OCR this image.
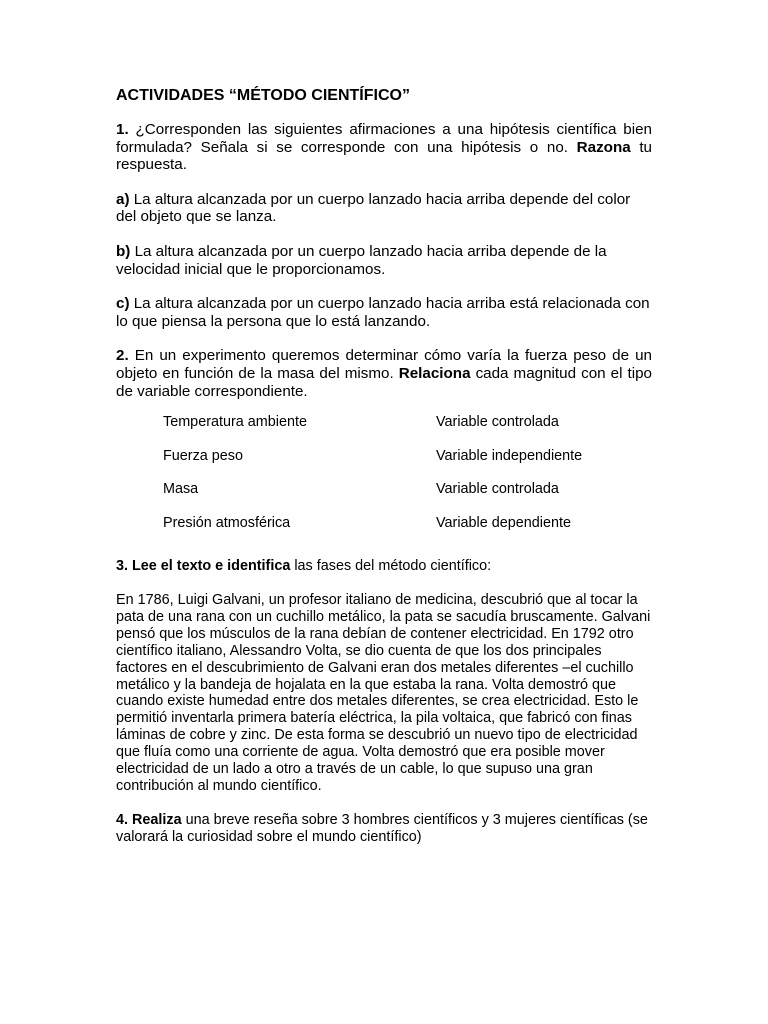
ACTIVIDADES “MÉTODO CIENTÍFICO”

1. ¿Corresponden las siguientes afirmaciones a una hipótesis científica bien formulada? Señala si se corresponde con una hipótesis o no. Razona tu respuesta.

a) La altura alcanzada por un cuerpo lanzado hacia arriba depende del color del objeto que se lanza.

b) La altura alcanzada por un cuerpo lanzado hacia arriba depende de la velocidad inicial que le proporcionamos.

c) La altura alcanzada por un cuerpo lanzado hacia arriba está relacionada con lo que piensa la persona que lo está lanzando.

2. En un experimento queremos determinar cómo varía la fuerza peso de un objeto en función de la masa del mismo. Relaciona cada magnitud con el tipo de variable correspondiente.

Temperatura ambiente	Variable controlada
Fuerza peso	Variable independiente
Masa	Variable controlada
Presión atmosférica	Variable dependiente

3. Lee el texto e identifica las fases del método científico:

En 1786, Luigi Galvani, un profesor italiano de medicina, descubrió que al tocar la pata de una rana con un cuchillo metálico, la pata se sacudía bruscamente. Galvani pensó que los músculos de la rana debían de contener electricidad. En 1792 otro científico italiano, Alessandro Volta, se dio cuenta de que los dos principales factores en el descubrimiento de Galvani eran dos metales diferentes –el cuchillo metálico y la bandeja de hojalata en la que estaba la rana. Volta demostró que cuando existe humedad entre dos metales diferentes, se crea electricidad. Esto le permitió inventarla primera batería eléctrica, la pila voltaica, que fabricó con finas láminas de cobre y zinc. De esta forma se descubrió un nuevo tipo de electricidad que fluía como una corriente de agua. Volta demostró que era posible mover electricidad de un lado a otro a través de un cable, lo que supuso una gran contribución al mundo científico.

4. Realiza una breve reseña sobre 3 hombres científicos y 3 mujeres científicas (se valorará la curiosidad sobre el mundo científico)
